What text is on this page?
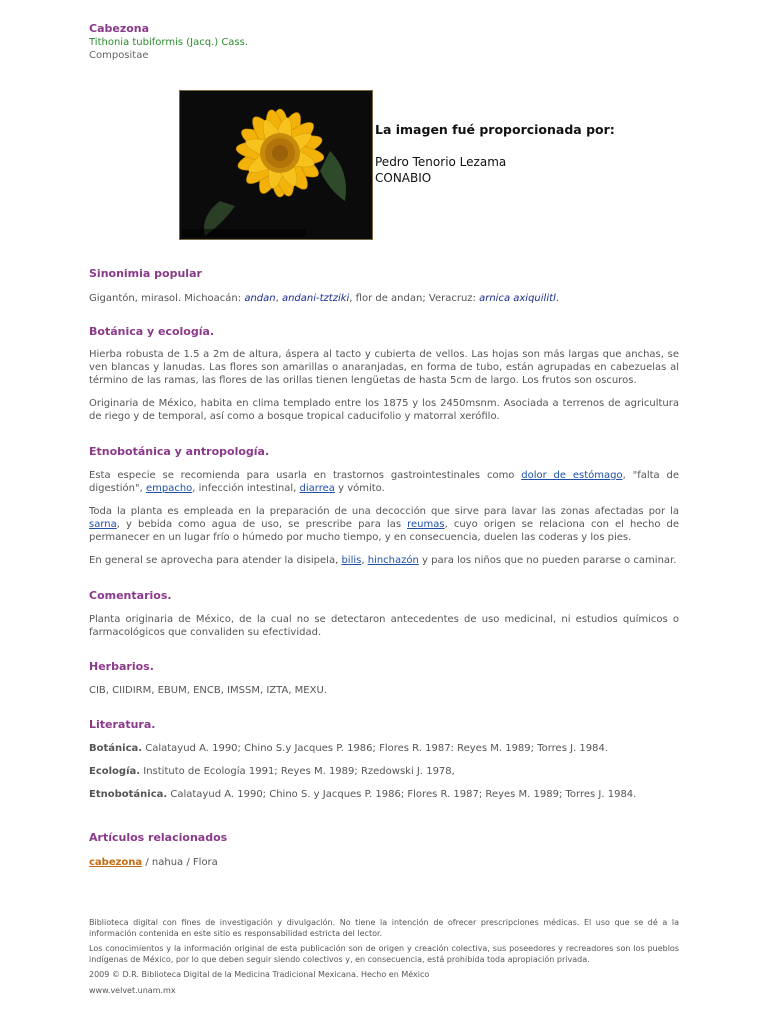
Cabezona
Tithonia tubiformis (Jacq.) Cass.
Compositae
La imagen fué proporcionada por:
Pedro Tenorio Lezama
CONABIO
Sinonimia popular

Gigantón, mirasol. Michoacán: andan, andani-tztziki, flor de andan; Veracruz: arnica axiquilitl.

Botánica y ecología.

Hierba robusta de 1.5 a 2m de altura, áspera al tacto y cubierta de vellos. Las hojas son más largas que anchas, se ven blancas y lanudas. Las flores son amarillas o anaranjadas, en forma de tubo, están agrupadas en cabezuelas al término de las ramas, las flores de las orillas tienen lengüetas de hasta 5cm de largo. Los frutos son oscuros.

Originaria de México, habita en clima templado entre los 1875 y los 2450msnm. Asociada a terrenos de agricultura de riego y de temporal, así como a bosque tropical caducifolio y matorral xerófilo.

Etnobotánica y antropología.

Esta especie se recomienda para usarla en trastornos gastrointestinales como dolor de estómago, "falta de digestión", empacho, infección intestinal, diarrea y vómito.

Toda la planta es empleada en la preparación de una decocción que sirve para lavar las zonas afectadas por la sarna, y bebida como agua de uso, se prescribe para las reumas, cuyo origen se relaciona con el hecho de permanecer en un lugar frío o húmedo por mucho tiempo, y en consecuencia, duelen las coderas y los pies.

En general se aprovecha para atender la disipela, bilis, hinchazón y para los niños que no pueden pararse o caminar.

Comentarios.

Planta originaria de México, de la cual no se detectaron antecedentes de uso medicinal, ni estudios químicos o farmacológicos que convaliden su efectividad.

Herbarios.

CIB, CIIDIRM, EBUM, ENCB, IMSSM, IZTA, MEXU.

Literatura.

Botánica. Calatayud A. 1990; Chino S.y Jacques P. 1986; Flores R. 1987: Reyes M. 1989; Torres J. 1984.

Ecología. Instituto de Ecología 1991; Reyes M. 1989; Rzedowski J. 1978,

Etnobotánica. Calatayud A. 1990; Chino S. y Jacques P. 1986; Flores R. 1987; Reyes M. 1989; Torres J. 1984.

Artículos relacionados

cabezona / nahua / Flora

Biblioteca digital con fines de investigación y divulgación. No tiene la intención de ofrecer prescripciones médicas. El uso que se dé a la información contenida en este sitio es responsabilidad estricta del lector.

Los conocimientos y la información original de esta publicación son de origen y creación colectiva, sus poseedores y recreadores son los pueblos indígenas de México, por lo que deben seguir siendo colectivos y, en consecuencia, está prohibida toda apropiación privada.

2009 © D.R. Biblioteca Digital de la Medicina Tradicional Mexicana. Hecho en México

www.velvet.unam.mx
